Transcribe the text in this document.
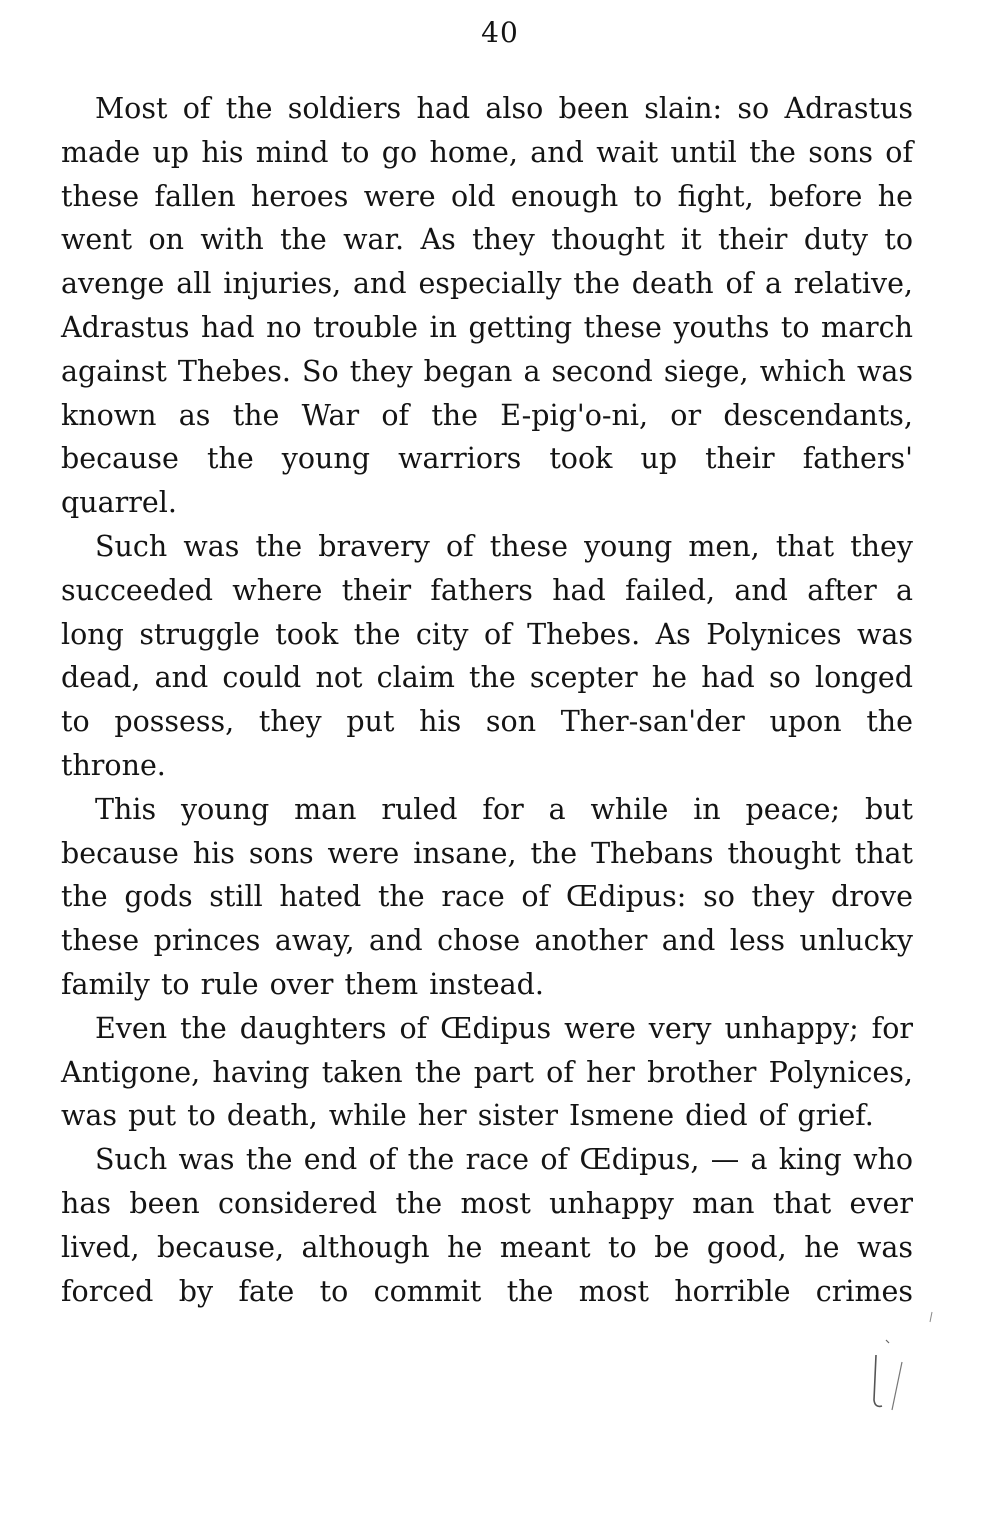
40

Most of the soldiers had also been slain: so Adrastus made up his mind to go home, and wait until the sons of these fallen heroes were old enough to fight, before he went on with the war. As they thought it their duty to avenge all injuries, and especially the death of a relative, Adrastus had no trouble in getting these youths to march against Thebes. So they began a second siege, which was known as the War of the E-pig'o-ni, or descendants, because the young warriors took up their fathers' quarrel.

Such was the bravery of these young men, that they succeeded where their fathers had failed, and after a long struggle took the city of Thebes. As Polynices was dead, and could not claim the scepter he had so longed to possess, they put his son Ther-san'der upon the throne.

This young man ruled for a while in peace; but because his sons were insane, the Thebans thought that the gods still hated the race of Œdipus: so they drove these princes away, and chose another and less unlucky family to rule over them instead.

Even the daughters of Œdipus were very unhappy; for Antigone, having taken the part of her brother Polynices, was put to death, while her sister Ismene died of grief.

Such was the end of the race of Œdipus, — a king who has been considered the most unhappy man that ever lived, because, although he meant to be good, he was forced by fate to commit the most horrible crimes
